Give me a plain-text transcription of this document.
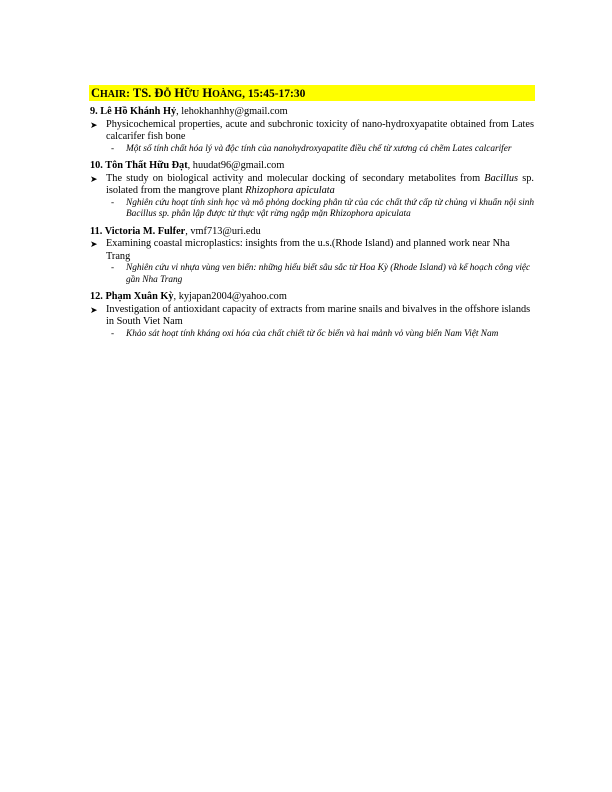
CHAIR: TS. ĐỖ HỮU HOÀNG, 15:45-17:30
9. Lê Hồ Khánh Hỷ, lehokhanhhy@gmail.com
➤ Physicochemical properties, acute and subchronic toxicity of nano-hydroxyapatite obtained from Lates calcarifer fish bone
- Một số tính chất hóa lý và độc tính của nanohydroxyapatite điều chế từ xương cá chẽm Lates calcarifer
10. Tôn Thất Hữu Đạt, huudat96@gmail.com
➤ The study on biological activity and molecular docking of secondary metabolites from Bacillus sp. isolated from the mangrove plant Rhizophora apiculata
- Nghiên cứu hoạt tính sinh học và mô phỏng docking phân tử của các chất thứ cấp từ chủng vi khuẩn nội sinh Bacillus sp. phân lập được từ thực vật rừng ngập mặn Rhizophora apiculata
11. Victoria M. Fulfer, vmf713@uri.edu
➤ Examining coastal microplastics: insights from the u.s.(Rhode Island) and planned work near Nha Trang
- Nghiên cứu vi nhựa vùng ven biển: những hiểu biết sâu sắc từ Hoa Kỳ (Rhode Island) và kế hoạch công việc gần Nha Trang
12. Phạm Xuân Kỳ, kyjapan2004@yahoo.com
➤ Investigation of antioxidant capacity of extracts from marine snails and bivalves in the offshore islands in South Viet Nam
- Khảo sát hoạt tính kháng oxi hóa của chất chiết từ ốc biển và hai mảnh vỏ vùng biển Nam Việt Nam
